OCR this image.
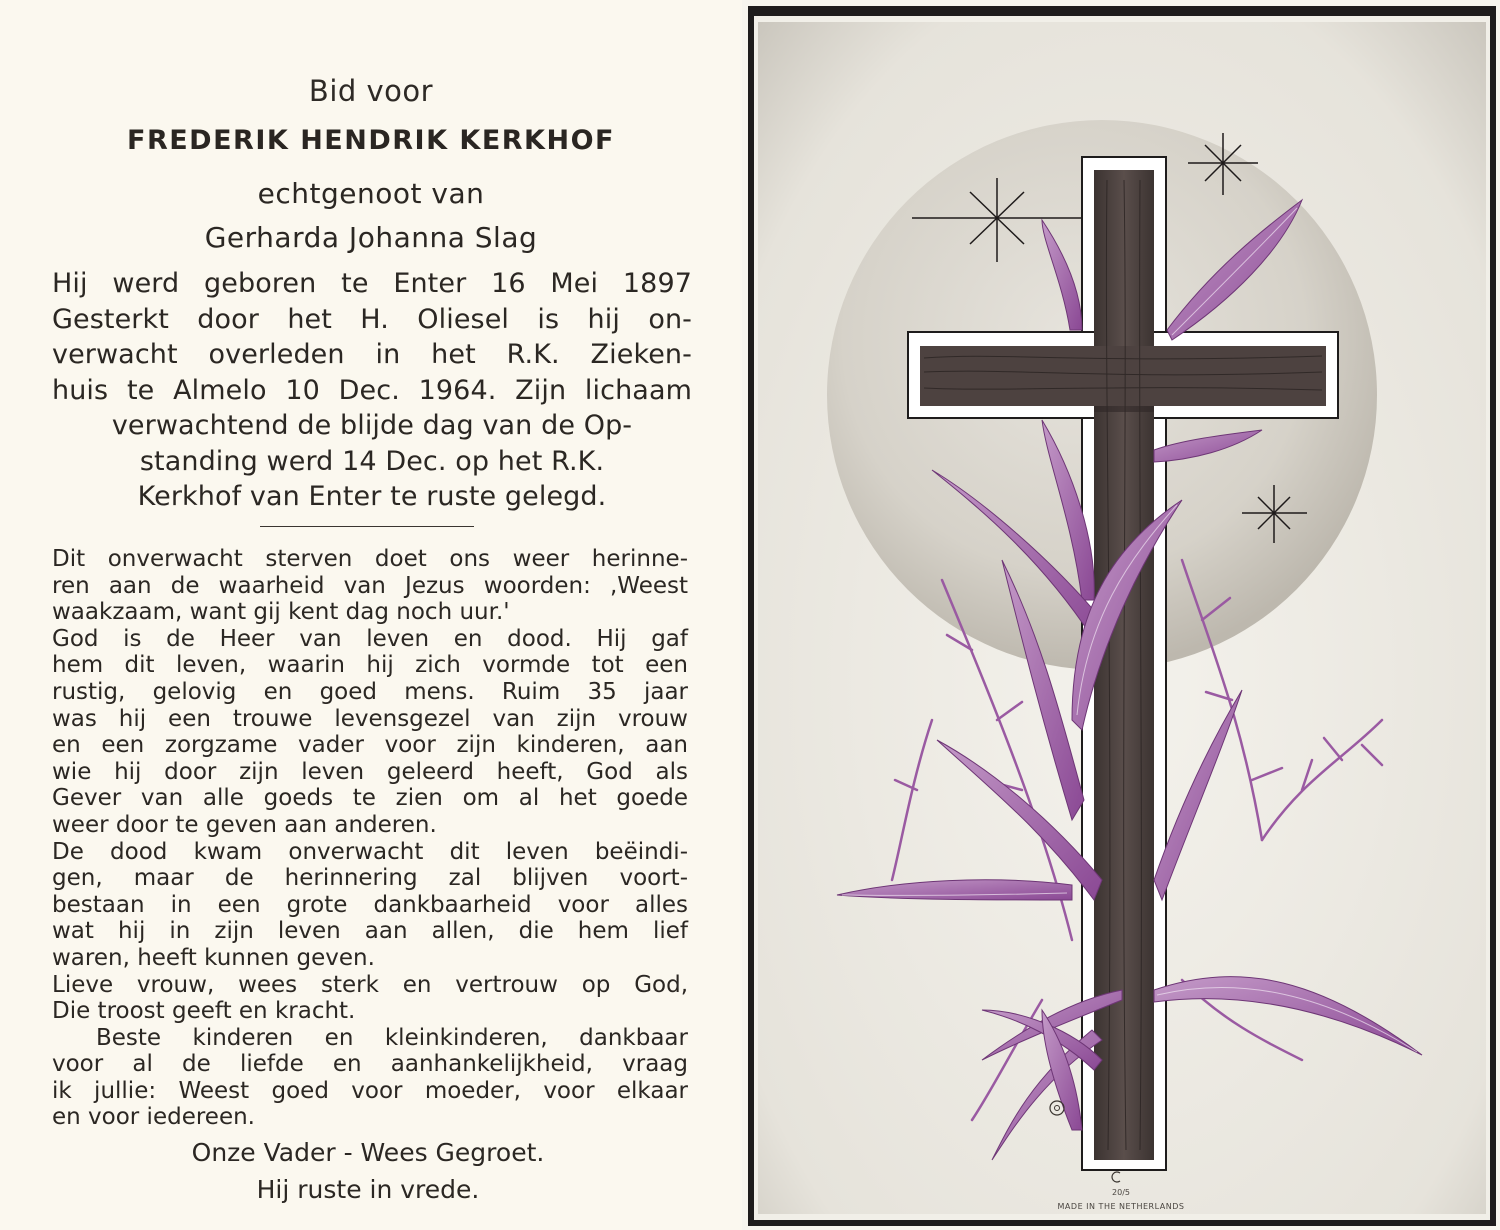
Bid voor
FREDERIK HENDRIK KERKHOF
echtgenoot van
Gerharda Johanna Slag
Hij werd geboren te Enter 16 Mei 1897
Gesterkt door het H. Oliesel is hij on-
verwacht overleden in het R.K. Zieken-
huis te Almelo 10 Dec. 1964. Zijn lichaam
verwachtend de blijde dag van de Op-
standing werd 14 Dec. op het R.K.
Kerkhof van Enter te ruste gelegd.
Dit onverwacht sterven doet ons weer herinne-
ren aan de waarheid van Jezus woorden: ,Weest
waakzaam, want gij kent dag noch uur.'
God is de Heer van leven en dood. Hij gaf
hem dit leven, waarin hij zich vormde tot een
rustig, gelovig en goed mens. Ruim 35 jaar
was hij een trouwe levensgezel van zijn vrouw
en een zorgzame vader voor zijn kinderen, aan
wie hij door zijn leven geleerd heeft, God als
Gever van alle goeds te zien om al het goede
weer door te geven aan anderen.
De dood kwam onverwacht dit leven beëindi-
gen, maar de herinnering zal blijven voort-
bestaan in een grote dankbaarheid voor alles
wat hij in zijn leven aan allen, die hem lief
waren, heeft kunnen geven.
Lieve vrouw, wees sterk en vertrouw op God,
Die troost geeft en kracht.
Beste kinderen en kleinkinderen, dankbaar
voor al de liefde en aanhankelijkheid, vraag
ik jullie: Weest goed voor moeder, voor elkaar
en voor iedereen.
Onze Vader - Wees Gegroet.
Hij ruste in vrede.	20/5
MADE IN THE NETHERLANDS
